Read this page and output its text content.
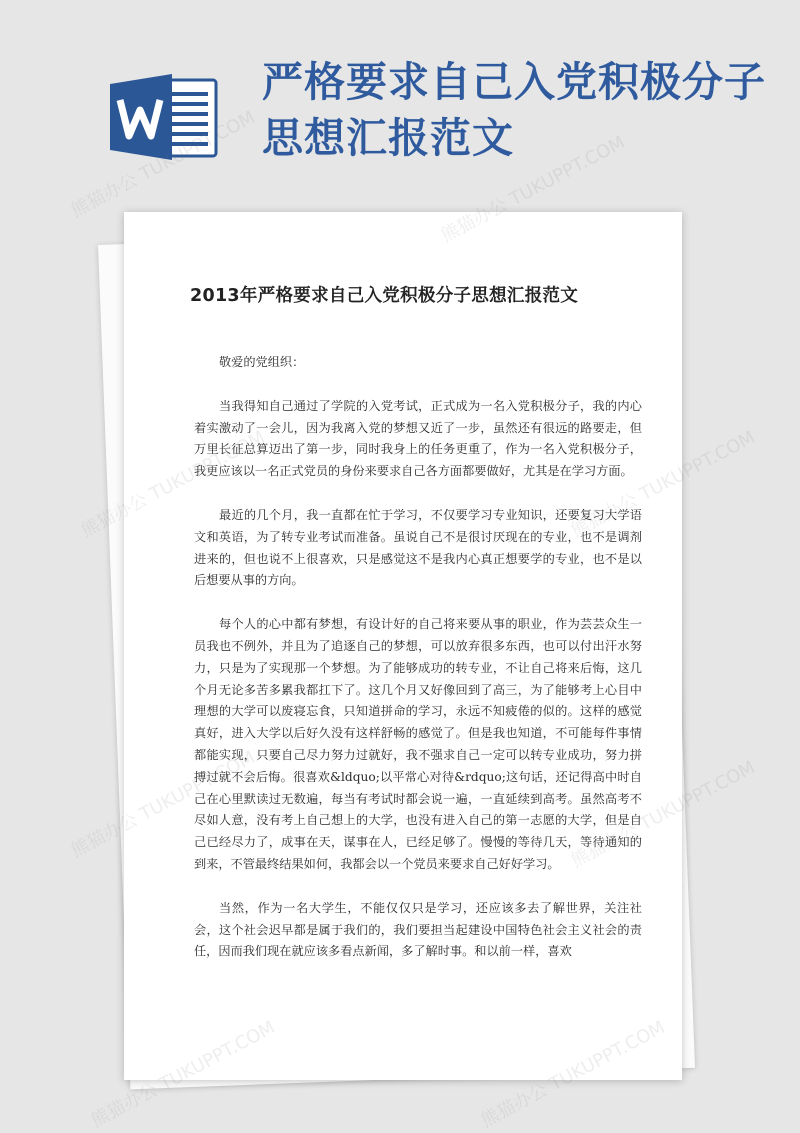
严格要求自己入党积极分子思想汇报范文
2013年严格要求自己入党积极分子思想汇报范文

敬爱的党组织：

当我得知自己通过了学院的入党考试，正式成为一名入党积极分子，我的内心着实激动了一会儿，因为我离入党的梦想又近了一步，虽然还有很远的路要走，但万里长征总算迈出了第一步，同时我身上的任务更重了，作为一名入党积极分子，我更应该以一名正式党员的身份来要求自己各方面都要做好，尤其是在学习方面。

最近的几个月，我一直都在忙于学习，不仅要学习专业知识，还要复习大学语文和英语，为了转专业考试而准备。虽说自己不是很讨厌现在的专业，也不是调剂进来的，但也说不上很喜欢，只是感觉这不是我内心真正想要学的专业，也不是以后想要从事的方向。

每个人的心中都有梦想，有设计好的自己将来要从事的职业，作为芸芸众生一员我也不例外，并且为了追逐自己的梦想，可以放弃很多东西，也可以付出汗水努力，只是为了实现那一个梦想。为了能够成功的转专业，不让自己将来后悔，这几个月无论多苦多累我都扛下了。这几个月又好像回到了高三，为了能够考上心目中理想的大学可以废寝忘食，只知道拼命的学习，永远不知疲倦的似的。这样的感觉真好，进入大学以后好久没有这样舒畅的感觉了。但是我也知道，不可能每件事情都能实现，只要自己尽力努力过就好，我不强求自己一定可以转专业成功，努力拼搏过就不会后悔。很喜欢&ldquo;以平常心对待&rdquo;这句话，还记得高中时自己在心里默读过无数遍，每当有考试时都会说一遍，一直延续到高考。虽然高考不尽如人意，没有考上自己想上的大学，也没有进入自己的第一志愿的大学，但是自己已经尽力了，成事在天，谋事在人，已经足够了。慢慢的等待几天，等待通知的到来，不管最终结果如何，我都会以一个党员来要求自己好好学习。

当然，作为一名大学生，不能仅仅只是学习，还应该多去了解世界，关注社会，这个社会迟早都是属于我们的，我们要担当起建设中国特色社会主义社会的责任，因而我们现在就应该多看点新闻，多了解时事。和以前一样，喜欢

熊猫办公 TUKUPPT.COM	熊猫办公 TUKUPPT.COM
TUKUPPT.COM
熊猫办公
TUKUPPT.COM
熊猫办公
